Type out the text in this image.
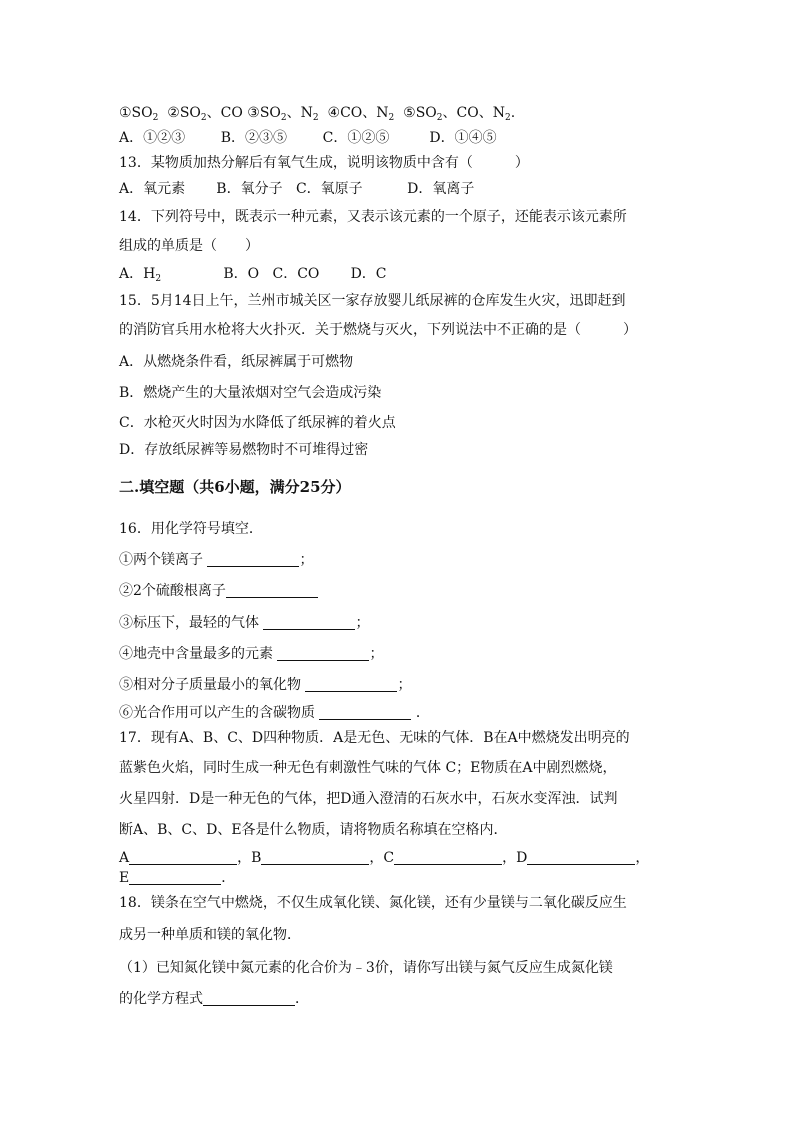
$①SO_2$ $②SO_2$、CO $③SO_2$、$N_2$ ④CO、$N_2$ $⑤SO_2$、CO、$N_2$.
A．①②③	B．②③⑤	C．①②⑤	D．①④⑤
13．某物质加热分解后有氧气生成，说明该物质中含有（　　　）
A．氧元素 B．氧分子 C．氧原子	D．氧离子
14．下列符号中，既表示一种元素，又表示该元素的一个原子，还能表示该元素所
组成的单质是（　　）
A．$H_2$	B．O C．CO D．C
15．5月14日上午，兰州市城关区一家存放婴儿纸尿裤的仓库发生火灾，迅即赶到
的消防官兵用水枪将大火扑灭．关于燃烧与灭火，下列说法中不正确的是（　　　）
A．从燃烧条件看，纸尿裤属于可燃物
B．燃烧产生的大量浓烟对空气会造成污染
C．水枪灭火时因为水降低了纸尿裤的着火点
D．存放纸尿裤等易燃物时不可堆得过密
二.填空题（共6小题，满分25分）
16．用化学符号填空．
①两个镁离子	；
②2个硫酸根离子
③标压下，最轻的气体	；
④地壳中含量最多的元素	；
⑤相对分子质量最小的氧化物	；
⑥光合作用可以产生的含碳物质	．
17．现有A、B、C、D四种物质．A是无色、无味的气体．B在A中燃烧发出明亮的
蓝紫色火焰，同时生成一种无色有刺激性气味的气体 C；E物质在A中剧烈燃烧，
火星四射．D是一种无色的气体，把D通入澄清的石灰水中，石灰水变浑浊．试判
断A、B、C、D、E各是什么物质，请将物质名称填在空格内．
A	，B	，C	，D	，
E	．
18．镁条在空气中燃烧，不仅生成氧化镁、氮化镁，还有少量镁与二氧化碳反应生
成另一种单质和镁的氧化物．
（1）已知氮化镁中氮元素的化合价为﹣3价，请你写出镁与氮气反应生成氮化镁
的化学方程式	．
